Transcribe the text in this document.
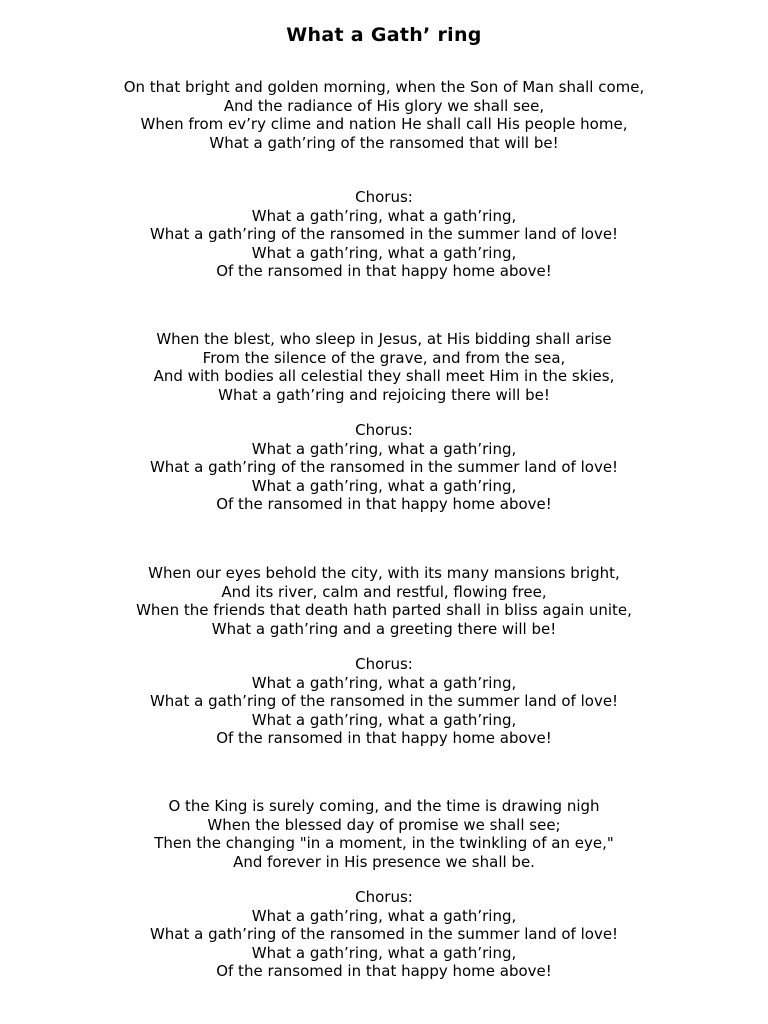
What a Gath’ ring
On that bright and golden morning, when the Son of Man shall come,
And the radiance of His glory we shall see,
When from ev’ry clime and nation He shall call His people home,
What a gath’ring of the ransomed that will be!
Chorus:
What a gath’ring, what a gath’ring,
What a gath’ring of the ransomed in the summer land of love!
What a gath’ring, what a gath’ring,
Of the ransomed in that happy home above!
When the blest, who sleep in Jesus, at His bidding shall arise
From the silence of the grave, and from the sea,
And with bodies all celestial they shall meet Him in the skies,
What a gath’ring and rejoicing there will be!
Chorus:
What a gath’ring, what a gath’ring,
What a gath’ring of the ransomed in the summer land of love!
What a gath’ring, what a gath’ring,
Of the ransomed in that happy home above!
When our eyes behold the city, with its many mansions bright,
And its river, calm and restful, flowing free,
When the friends that death hath parted shall in bliss again unite,
What a gath’ring and a greeting there will be!
Chorus:
What a gath’ring, what a gath’ring,
What a gath’ring of the ransomed in the summer land of love!
What a gath’ring, what a gath’ring,
Of the ransomed in that happy home above!
O the King is surely coming, and the time is drawing nigh
When the blessed day of promise we shall see;
Then the changing "in a moment, in the twinkling of an eye,"
And forever in His presence we shall be.
Chorus:
What a gath’ring, what a gath’ring,
What a gath’ring of the ransomed in the summer land of love!
What a gath’ring, what a gath’ring,
Of the ransomed in that happy home above!
